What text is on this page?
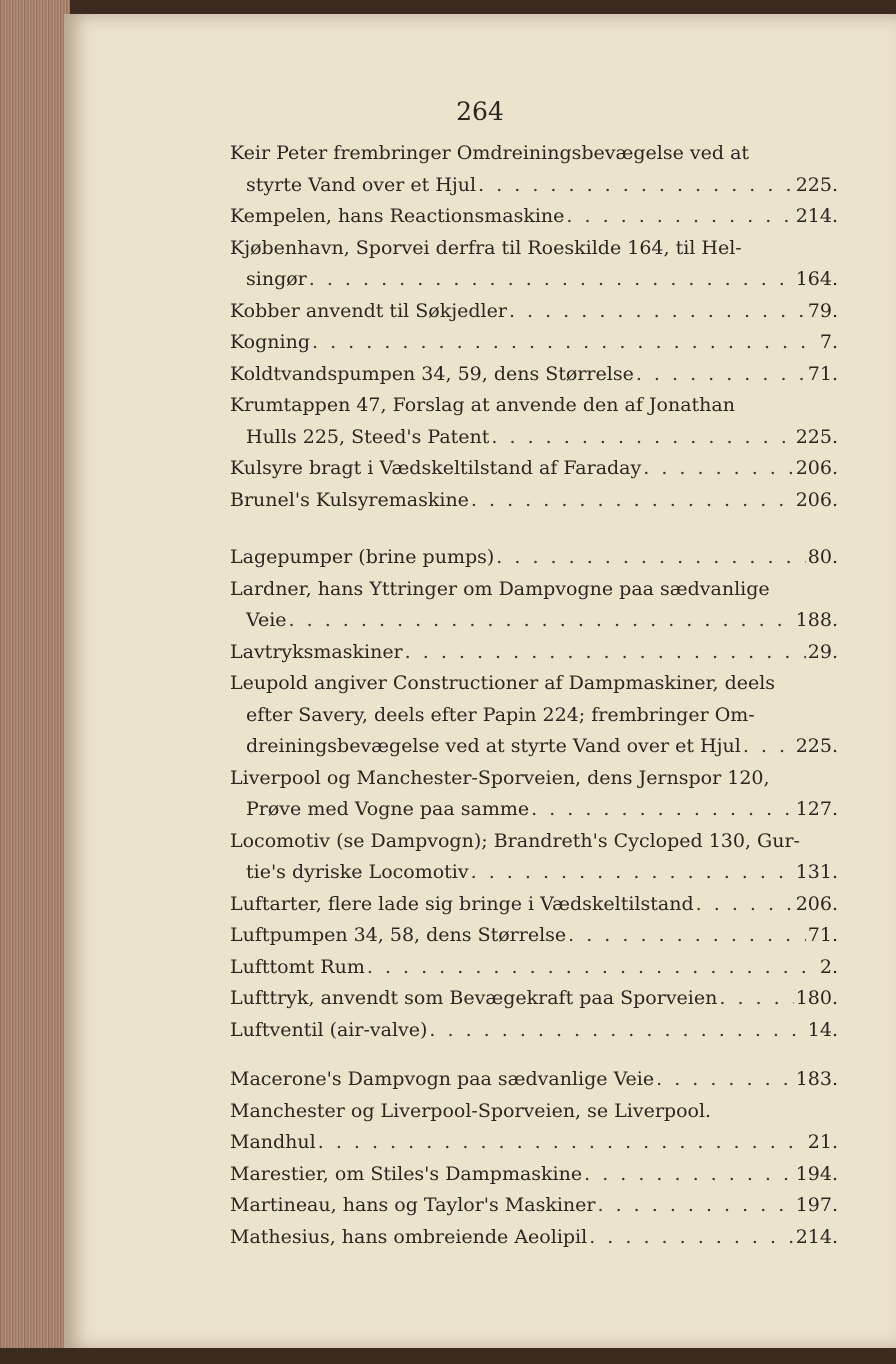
264
Keir Peter frembringer Omdreiningsbevægelse ved at
styrte Vand over et Hjul . . .	225.
Kempelen, hans Reactionsmaskine . . .	214.
Kjøbenhavn, Sporvei derfra til Roeskilde 164, til Hel-
singør . . .	164.
Kobber anvendt til Søkjedler . . .	79.
Kogning . . .	7.
Koldtvandspumpen 34, 59, dens Størrelse . . .	71.
Krumtappen 47, Forslag at anvende den af Jonathan
Hulls 225, Steed's Patent . . .	225.
Kulsyre bragt i Vædskeltilstand af Faraday . . .	206.
Brunel's Kulsyremaskine . . .	206.
Lagepumper (brine pumps) . . .	80.
Lardner, hans Yttringer om Dampvogne paa sædvanlige
Veie . . .	188.
Lavtryksmaskiner . . .	29.
Leupold angiver Constructioner af Dampmaskiner, deels
efter Savery, deels efter Papin 224; frembringer Om-
dreiningsbevægelse ved at styrte Vand over et Hjul . . .	225.
Liverpool og Manchester-Sporveien, dens Jernspor 120,
Prøve med Vogne paa samme . . .	127.
Locomotiv (se Dampvogn); Brandreth's Cycloped 130, Gur-
tie's dyriske Locomotiv . . .	131.
Luftarter, flere lade sig bringe i Vædskeltilstand . . .	206.
Luftpumpen 34, 58, dens Størrelse . . .	71.
Lufttomt Rum . . .	2.
Lufttryk, anvendt som Bevægekraft paa Sporveien . . .	180.
Luftventil (air-valve) . . .	14.
Macerone's Dampvogn paa sædvanlige Veie . . .	183.
Manchester og Liverpool-Sporveien, se Liverpool.
Mandhul . . .	21.
Marestier, om Stiles's Dampmaskine . . .	194.
Martineau, hans og Taylor's Maskiner . . .	197.
Mathesius, hans ombreiende Aeolipil . . .	214.
